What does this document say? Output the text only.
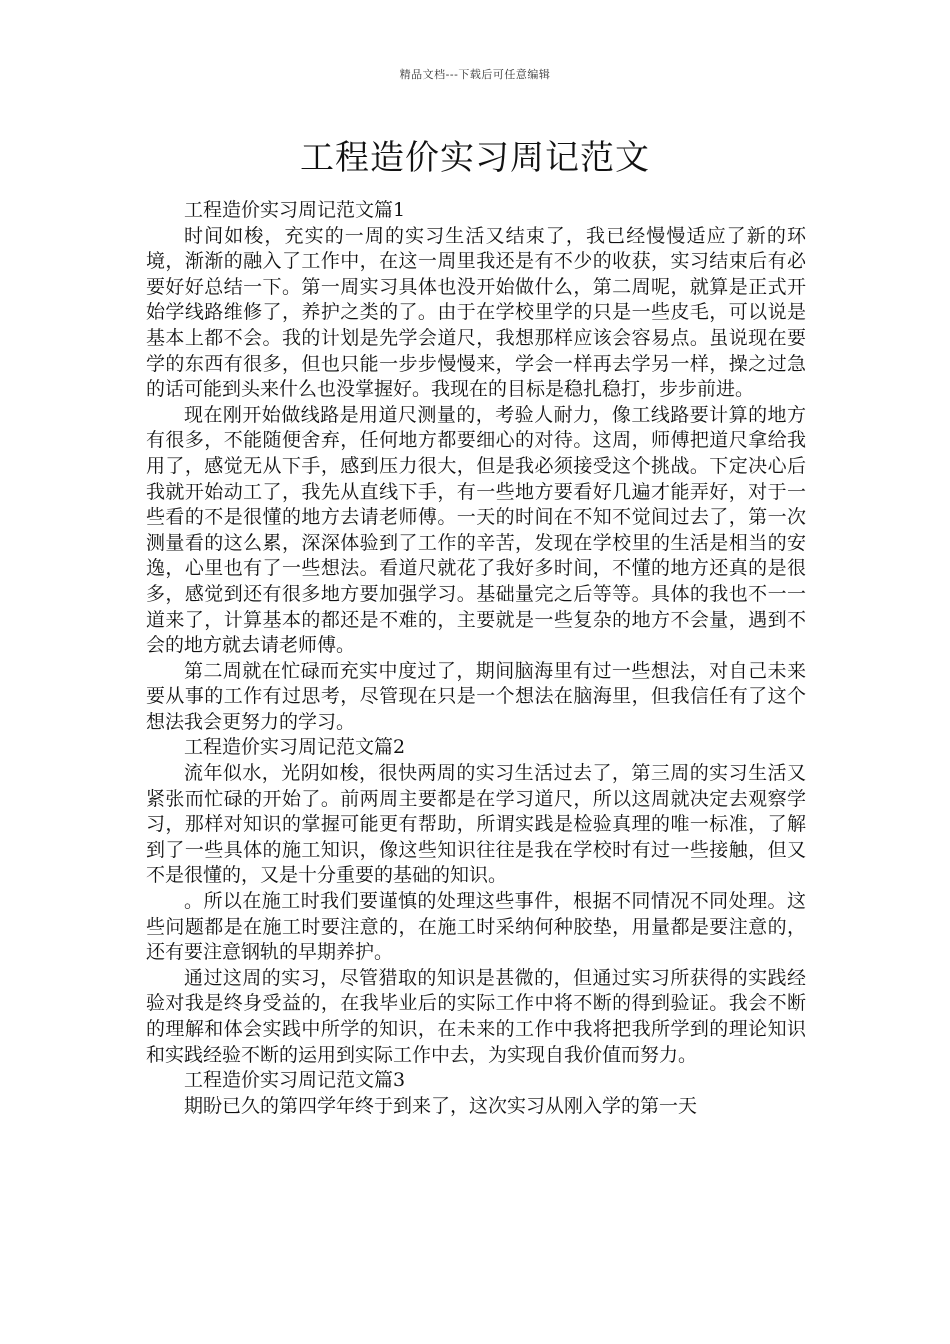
精品文档---下载后可任意编辑
工程造价实习周记范文

工程造价实习周记范文篇1

时间如梭，充实的一周的实习生活又结束了，我已经慢慢适应了新的环境，渐渐的融入了工作中，在这一周里我还是有不少的收获，实习结束后有必要好好总结一下。第一周实习具体也没开始做什么，第二周呢，就算是正式开始学线路维修了，养护之类的了。由于在学校里学的只是一些皮毛，可以说是基本上都不会。我的计划是先学会道尺，我想那样应该会容易点。虽说现在要学的东西有很多，但也只能一步步慢慢来，学会一样再去学另一样，操之过急的话可能到头来什么也没掌握好。我现在的目标是稳扎稳打，步步前进。

现在刚开始做线路是用道尺测量的，考验人耐力，像工线路要计算的地方有很多，不能随便舍弃，任何地方都要细心的对待。这周，师傅把道尺拿给我用了，感觉无从下手，感到压力很大，但是我必须接受这个挑战。下定决心后我就开始动工了，我先从直线下手，有一些地方要看好几遍才能弄好，对于一些看的不是很懂的地方去请老师傅。一天的时间在不知不觉间过去了，第一次测量看的这么累，深深体验到了工作的辛苦，发现在学校里的生活是相当的安逸，心里也有了一些想法。看道尺就花了我好多时间，不懂的地方还真的是很多，感觉到还有很多地方要加强学习。基础量完之后等等。具体的我也不一一道来了，计算基本的都还是不难的，主要就是一些复杂的地方不会量，遇到不会的地方就去请老师傅。

第二周就在忙碌而充实中度过了，期间脑海里有过一些想法，对自己未来要从事的工作有过思考，尽管现在只是一个想法在脑海里，但我信任有了这个想法我会更努力的学习。

工程造价实习周记范文篇2

流年似水，光阴如梭，很快两周的实习生活过去了，第三周的实习生活又紧张而忙碌的开始了。前两周主要都是在学习道尺，所以这周就决定去观察学习，那样对知识的掌握可能更有帮助，所谓实践是检验真理的唯一标准，了解到了一些具体的施工知识，像这些知识往往是我在学校时有过一些接触，但又不是很懂的，又是十分重要的基础的知识。

。所以在施工时我们要谨慎的处理这些事件，根据不同情况不同处理。这些问题都是在施工时要注意的，在施工时采纳何种胶垫，用量都是要注意的，还有要注意钢轨的早期养护。

通过这周的实习，尽管猎取的知识是甚微的，但通过实习所获得的实践经验对我是终身受益的，在我毕业后的实际工作中将不断的得到验证。我会不断的理解和体会实践中所学的知识，在未来的工作中我将把我所学到的理论知识和实践经验不断的运用到实际工作中去，为实现自我价值而努力。

工程造价实习周记范文篇3

期盼已久的第四学年终于到来了，这次实习从刚入学的第一天
